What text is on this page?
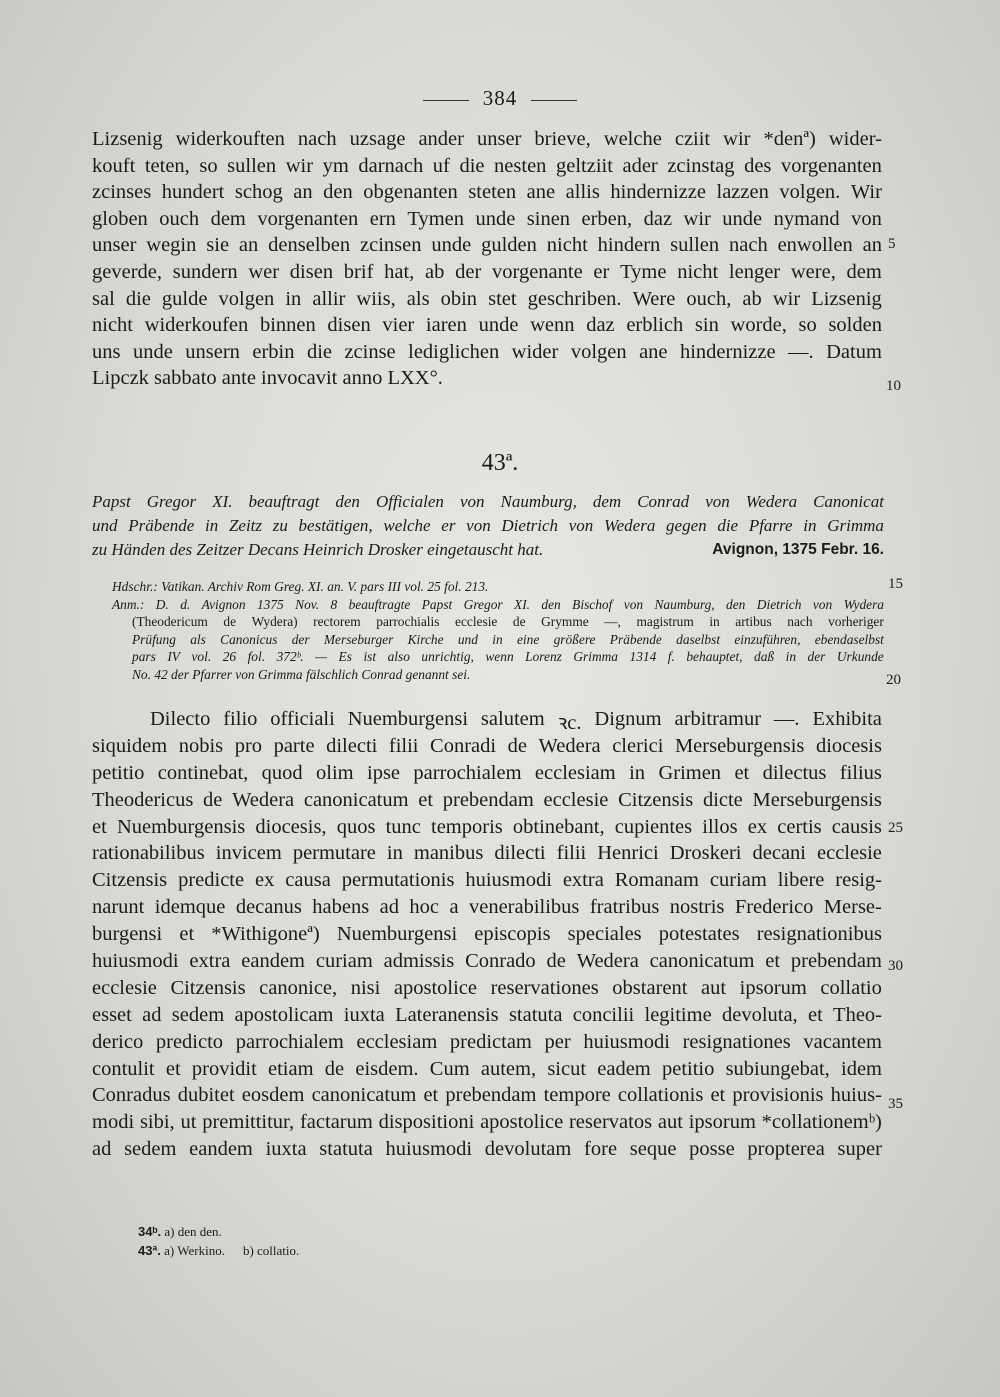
384
Lizsenig widerkouften nach uzsage ander unser brieve, welche cziit wir *denª) wider-
kouft teten, so sullen wir ym darnach uf die nesten geltziit ader zcinstag des vorgenanten
zcinses hundert schog an den obgenanten steten ane allis hindernizze lazzen volgen. Wir
globen ouch dem vorgenanten ern Tymen unde sinen erben, daz wir unde nymand von
unser wegin sie an denselben zcinsen unde gulden nicht hindern sullen nach enwollen an
geverde, sundern wer disen brif hat, ab der vorgenante er Tyme nicht lenger were, dem
sal die gulde volgen in allir wiis, als obin stet geschriben. Were ouch, ab wir Lizsenig
nicht widerkoufen binnen disen vier iaren unde wenn daz erblich sin worde, so solden
uns unde unsern erbin die zcinse lediglichen wider volgen ane hindernizze —. Datum
Lipczk sabbato ante invocavit anno LXX°.
5
10
43ª.
Papst Gregor XI. beauftragt den Officialen von Naumburg, dem Conrad von Wedera Canonicat
und Präbende in Zeitz zu bestätigen, welche er von Dietrich von Wedera gegen die Pfarre in Grimma
zu Händen des Zeitzer Decans Heinrich Drosker eingetauscht hat.	Avignon, 1375 Febr. 16.
Hdschr.: Vatikan. Archiv Rom Greg. XI. an. V. pars III vol. 25 fol. 213.
Anm.: D. d. Avignon 1375 Nov. 8 beauftragte Papst Gregor XI. den Bischof von Naumburg, den Dietrich von Wydera
(Theodericum de Wydera) rectorem parrochialis ecclesie de Grymme —, magistrum in artibus nach vorheriger
Prüfung als Canonicus der Merseburger Kirche und in eine größere Präbende daselbst einzuführen, ebendaselbst
pars IV vol. 26 fol. 372ᵇ. — Es ist also unrichtig, wenn Lorenz Grimma 1314 f. behauptet, daß in der Urkunde
No. 42 der Pfarrer von Grimma fälschlich Conrad genannt sei.
15
20
Dilecto filio officiali Nuemburgensi salutem ꝛc. Dignum arbitramur —. Exhibita
siquidem nobis pro parte dilecti filii Conradi de Wedera clerici Merseburgensis diocesis
petitio continebat, quod olim ipse parrochialem ecclesiam in Grimen et dilectus filius
Theodericus de Wedera canonicatum et prebendam ecclesie Citzensis dicte Merseburgensis
et Nuemburgensis diocesis, quos tunc temporis obtinebant, cupientes illos ex certis causis
rationabilibus invicem permutare in manibus dilecti filii Henrici Droskeri decani ecclesie
Citzensis predicte ex causa permutationis huiusmodi extra Romanam curiam libere resig-
narunt idemque decanus habens ad hoc a venerabilibus fratribus nostris Frederico Merse-
burgensi et *Withigoneª) Nuemburgensi episcopis speciales potestates resignationibus
huiusmodi extra eandem curiam admissis Conrado de Wedera canonicatum et prebendam
ecclesie Citzensis canonice, nisi apostolice reservationes obstarent aut ipsorum collatio
esset ad sedem apostolicam iuxta Lateranensis statuta concilii legitime devoluta, et Theo-
derico predicto parrochialem ecclesiam predictam per huiusmodi resignationes vacantem
contulit et providit etiam de eisdem. Cum autem, sicut eadem petitio subiungebat, idem
Conradus dubitet eosdem canonicatum et prebendam tempore collationis et provisionis huius-
modi sibi, ut premittitur, factarum dispositioni apostolice reservatos aut ipsorum *collationemᵇ)
ad sedem eandem iuxta statuta huiusmodi devolutam fore seque posse propterea super
25
30
35
34ᵇ. a) den den.
43ª. a) Werkino. b) collatio.
